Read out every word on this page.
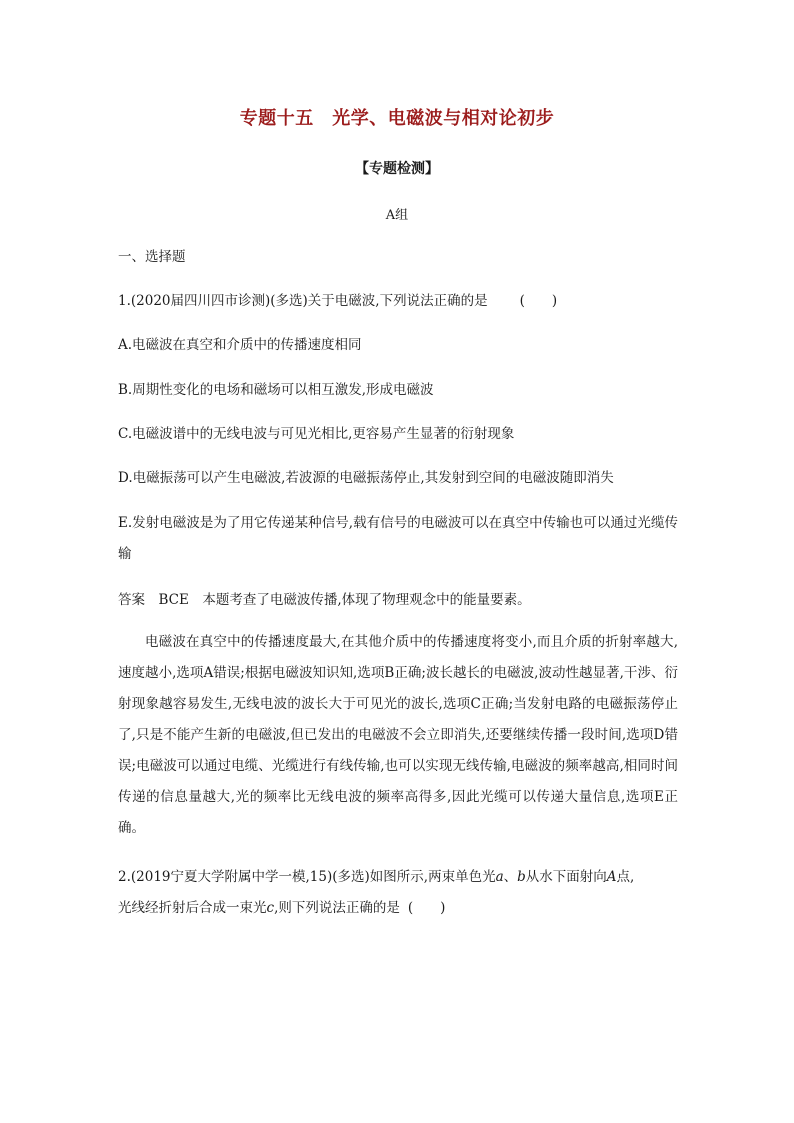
专题十五　光学、电磁波与相对论初步
【专题检测】
A组
一、选择题
1.(2020届四川四市诊测)(多选)关于电磁波,下列说法正确的是 (　　)
A.电磁波在真空和介质中的传播速度相同
B.周期性变化的电场和磁场可以相互激发,形成电磁波
C.电磁波谱中的无线电波与可见光相比,更容易产生显著的衍射现象
D.电磁振荡可以产生电磁波,若波源的电磁振荡停止,其发射到空间的电磁波随即消失
E.发射电磁波是为了用它传递某种信号,载有信号的电磁波可以在真空中传输也可以通过光缆传输
答案　BCE　本题考查了电磁波传播,体现了物理观念中的能量要素。
电磁波在真空中的传播速度最大,在其他介质中的传播速度将变小,而且介质的折射率越大,速度越小,选项A错误;根据电磁波知识知,选项B正确;波长越长的电磁波,波动性越显著,干涉、衍射现象越容易发生,无线电波的波长大于可见光的波长,选项C正确;当发射电路的电磁振荡停止了,只是不能产生新的电磁波,但已发出的电磁波不会立即消失,还要继续传播一段时间,选项D错误;电磁波可以通过电缆、光缆进行有线传输,也可以实现无线传输,电磁波的频率越高,相同时间传递的信息量越大,光的频率比无线电波的频率高得多,因此光缆可以传递大量信息,选项E正确。
2.(2019宁夏大学附属中学一模,15)(多选)如图所示,两束单色光a、b从水下面射向A点,
光线经折射后合成一束光c,则下列说法正确的是 (　　)
